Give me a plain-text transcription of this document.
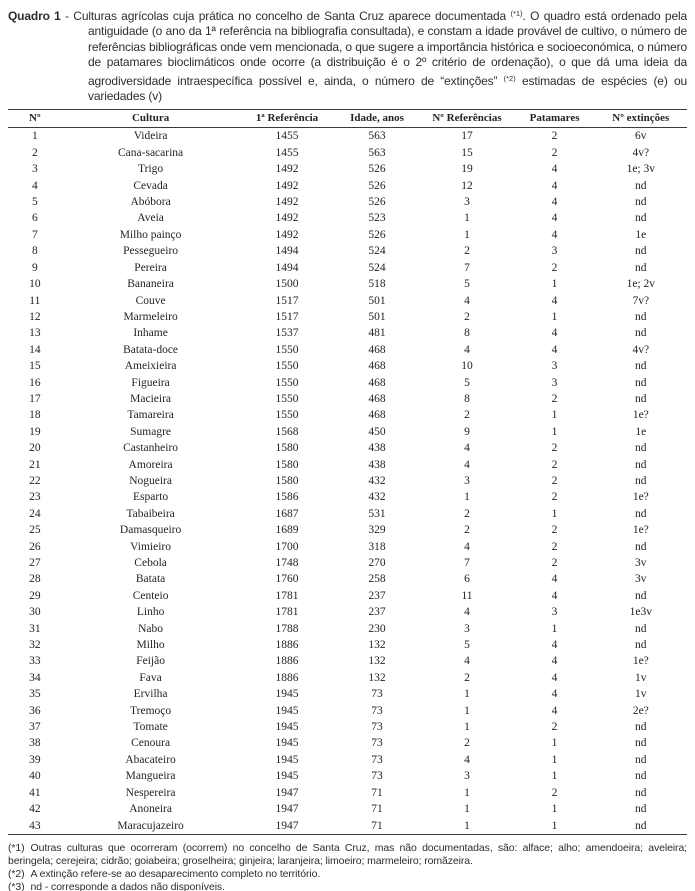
Quadro 1 - Culturas agrícolas cuja prática no concelho de Santa Cruz aparece documentada $^{(*1)}$. O quadro está ordenado pela antiguidade (o ano da 1ª referência na bibliografia consultada), e constam a idade provável de cultivo, o número de referências bibliográficas onde vem mencionada, o que sugere a importância histórica e socioeconómica, o número de patamares bioclimáticos onde ocorre (a distribuição é o 2º critério de ordenação), o que dá uma ideia da agrodiversidade intraespecífica possível e, ainda, o número de “extinções” $^{(*2)}$ estimadas de espécies (e) ou variedades (v)

Nº	Cultura	1ª Referência	Idade, anos	Nº Referências	Patamares	Nº extinções
1	Videira	1455	563	17	2	6v
2	Cana-sacarina	1455	563	15	2	4v?
3	Trigo	1492	526	19	4	1e; 3v
4	Cevada	1492	526	12	4	nd
5	Abóbora	1492	526	3	4	nd
6	Aveia	1492	523	1	4	nd
7	Milho painço	1492	526	1	4	1e
8	Pessegueiro	1494	524	2	3	nd
9	Pereira	1494	524	7	2	nd
10	Bananeira	1500	518	5	1	1e; 2v
11	Couve	1517	501	4	4	7v?
12	Marmeleiro	1517	501	2	1	nd
13	Inhame	1537	481	8	4	nd
14	Batata-doce	1550	468	4	4	4v?
15	Ameixieira	1550	468	10	3	nd
16	Figueira	1550	468	5	3	nd
17	Macieira	1550	468	8	2	nd
18	Tamareira	1550	468	2	1	1e?
19	Sumagre	1568	450	9	1	1e
20	Castanheiro	1580	438	4	2	nd
21	Amoreira	1580	438	4	2	nd
22	Nogueira	1580	432	3	2	nd
23	Esparto	1586	432	1	2	1e?
24	Tabaibeira	1687	531	2	1	nd
25	Damasqueiro	1689	329	2	2	1e?
26	Vimieiro	1700	318	4	2	nd
27	Cebola	1748	270	7	2	3v
28	Batata	1760	258	6	4	3v
29	Centeio	1781	237	11	4	nd
30	Linho	1781	237	4	3	1e3v
31	Nabo	1788	230	3	1	nd
32	Milho	1886	132	5	4	nd
33	Feijão	1886	132	4	4	1e?
34	Fava	1886	132	2	4	1v
35	Ervilha	1945	73	1	4	1v
36	Tremoço	1945	73	1	4	2e?
37	Tomate	1945	73	1	2	nd
38	Cenoura	1945	73	2	1	nd
39	Abacateiro	1945	73	4	1	nd
40	Mangueira	1945	73	3	1	nd
41	Nespereira	1947	71	1	2	nd
42	Anoneira	1947	71	1	1	nd
43	Maracujazeiro	1947	71	1	1	nd

(*1) Outras culturas que ocorreram (ocorrem) no concelho de Santa Cruz, mas não documentadas, são: alface; alho; amendoeira; aveleira; beringela; cerejeira; cidrão; goiabeira; groselheira; ginjeira; laranjeira; limoeiro; marmeleiro; romãzeira.

(*2) A extinção refere-se ao desaparecimento completo no território.

(*3) nd - corresponde a dados não disponíveis.
